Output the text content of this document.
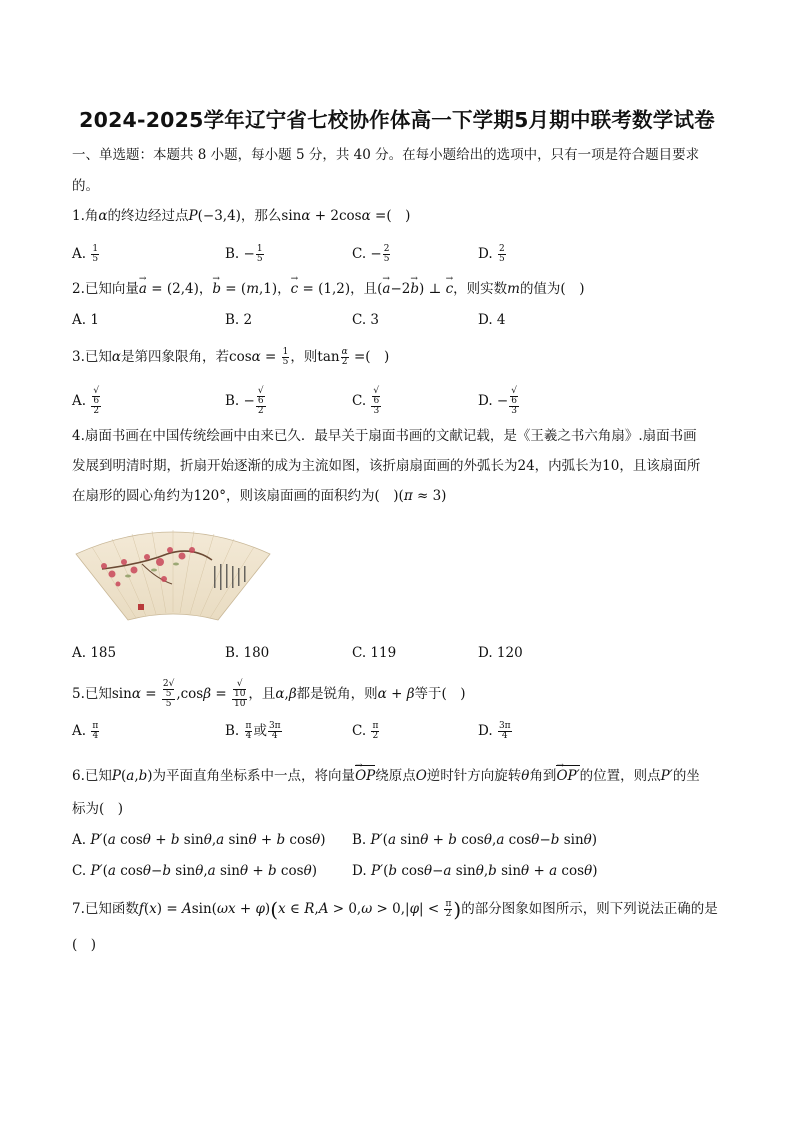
2024-2025学年辽宁省七校协作体高一下学期5月期中联考数学试卷
一、单选题：本题共 8 小题，每小题 5 分，共 40 分。在每小题给出的选项中，只有一项是符合题目要求
的。
1.角α的终边经过点P(−3,4)，那么sinα + 2cosα =(　)
A. $\frac{1}{5}$	B. − $\frac{1}{5}$	C. − $\frac{2}{5}$	D. $\frac{2}{5}$
2.已知向量→ a = (2,4)，→ b = (m,1)，→ c = (1,2)，且(→ a−2→ b) ⊥ → c，则实数m的值为(　)
A. 1	B. 2	C. 3	D. 4
3.已知α是第四象限角，若$\cos\alpha = \frac{1}{5}$ ，则$\tan \frac{\alpha}{2}$ =(　)
A. √
6
2	B. − √
6
2	C. √
6
3	D. − √
6
3
4.扇面书画在中国传统绘画中由来已久．最早关于扇面书画的文献记载，是《王羲之书六角扇》.扇面书画
发展到明清时期，折扇开始逐渐的成为主流如图，该折扇扇面画的外弧长为24，内弧长为10，且该扇面所
在扇形的圆心角约为120°，则该扇面画的面积约为(　)(π ≈ 3)
A. 185	B. 180	C. 119	D. 120
5.已知sinα = 2√
5
5 ,cosβ = √
10
10 ，且α,β都是锐角，则α + β等于(　)
A. $\frac{\pi}{4}$	B. $\frac{\pi}{4}$ 或 $\frac{3\pi}{4}$	C. $\frac{\pi}{2}$	D. $\frac{3\pi}{4}$
6.已知P(a,b)为平面直角坐标系中一点，将向量→ OP绕原点O逆时针方向旋转θ角到→ OP′的位置，则点P′的坐
标为(　)
A. P′(a cosθ + b sinθ,a sinθ + b cosθ) B. P′(a sinθ + b cosθ,a cosθ−b sinθ)
C. P′(a cosθ−b sinθ,a sinθ + b cosθ)	D. P′(b cosθ−a sinθ,b sinθ + a cosθ)
7.已知函数f(x) = Asin(ωx + φ)(x ∈ $R,A > 0,\omega > 0,|\varphi| < \frac{\pi}{2}$ )的部分图象如图所示，则下列说法正确的是
(　)
